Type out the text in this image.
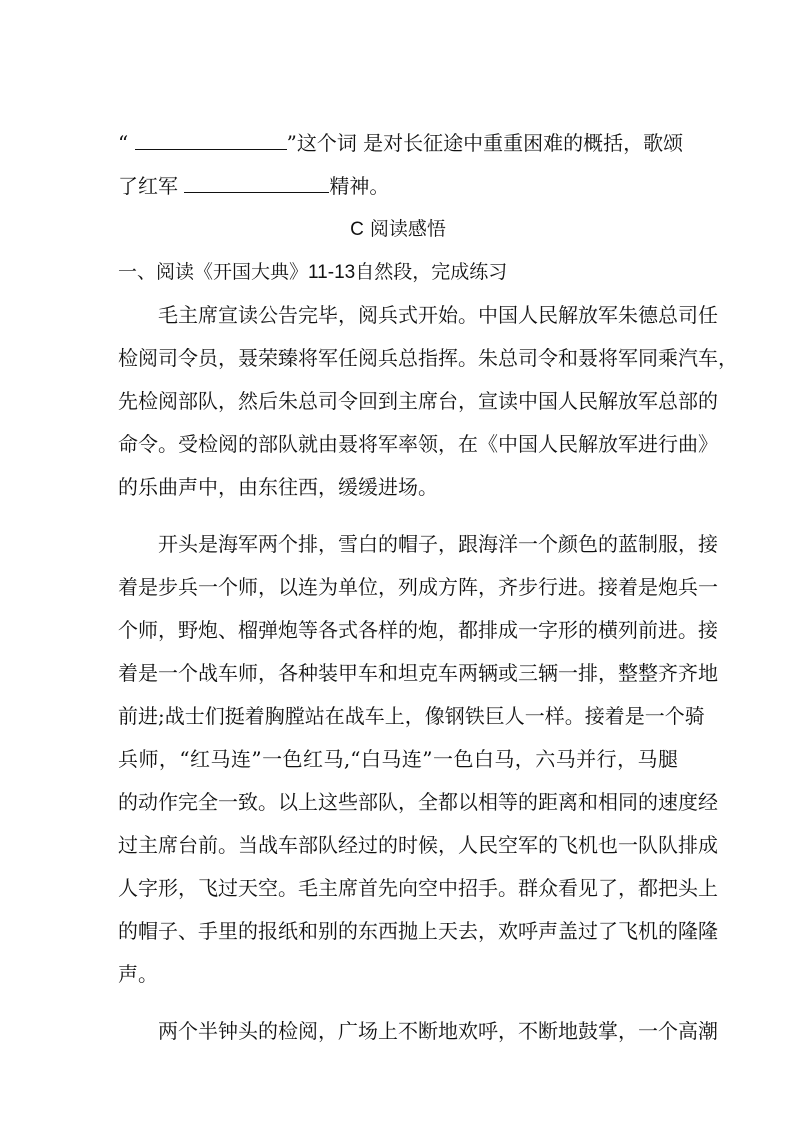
“	”这个词 是对长征途中重重困难的概括，歌颂
了红军	精神。
C 阅读感悟
一、阅读《开国大典》11-13自然段，完成练习
毛主席宣读公告完毕，阅兵式开始。中国人民解放军朱德总司任
检阅司令员，聂荣臻将军任阅兵总指挥。朱总司令和聂将军同乘汽车，
先检阅部队，然后朱总司令回到主席台，宣读中国人民解放军总部的
命令。受检阅的部队就由聂将军率领，在《中国人民解放军进行曲》
的乐曲声中，由东往西，缓缓进场。
开头是海军两个排，雪白的帽子，跟海洋一个颜色的蓝制服，接
着是步兵一个师，以连为单位，列成方阵，齐步行进。接着是炮兵一
个师，野炮、榴弹炮等各式各样的炮，都排成一字形的横列前进。接
着是一个战车师，各种装甲车和坦克车两辆或三辆一排，整整齐齐地
前进;战士们挺着胸膛站在战车上，像钢铁巨人一样。接着是一个骑
兵师，“红马连”一色红马,“白马连”一色白马，六马并行，马腿
的动作完全一致。以上这些部队，全都以相等的距离和相同的速度经
过主席台前。当战车部队经过的时候，人民空军的飞机也一队队排成
人字形，飞过天空。毛主席首先向空中招手。群众看见了，都把头上
的帽子、手里的报纸和别的东西抛上天去，欢呼声盖过了飞机的隆隆
声。
两个半钟头的检阅，广场上不断地欢呼，不断地鼓掌，一个高潮
